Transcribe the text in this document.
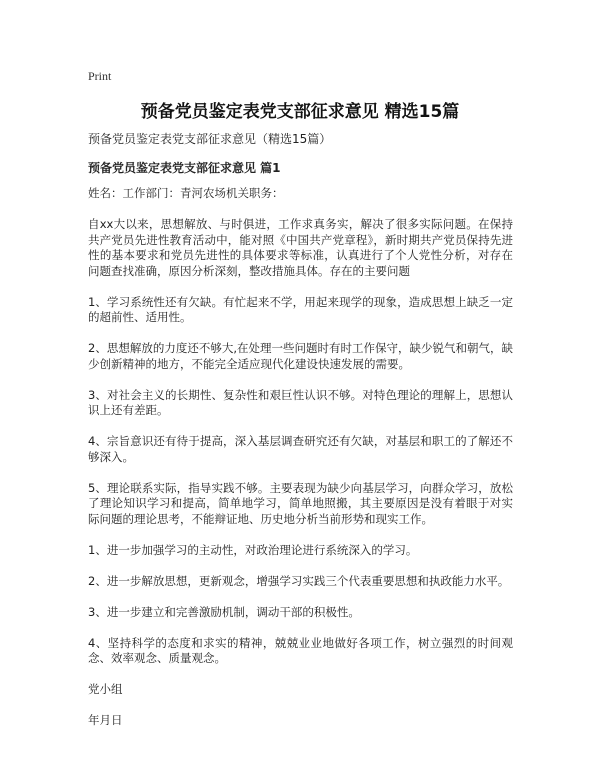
Print
预备党员鉴定表党支部征求意见 精选15篇
预备党员鉴定表党支部征求意见（精选15篇）
预备党员鉴定表党支部征求意见 篇1

姓名：工作部门：青河农场机关职务：

自xx大以来，思想解放、与时俱进，工作求真务实，解决了很多实际问题。在保持共产党员先进性教育活动中，能对照《中国共产党章程》，新时期共产党员保持先进性的基本要求和党员先进性的具体要求等标准，认真进行了个人党性分析，对存在问题查找准确，原因分析深刻，整改措施具体。存在的主要问题

1、学习系统性还有欠缺。有忙起来不学，用起来现学的现象，造成思想上缺乏一定的超前性、适用性。

2、思想解放的力度还不够大,在处理一些问题时有时工作保守，缺少锐气和朝气，缺少创新精神的地方，不能完全适应现代化建设快速发展的需要。

3、对社会主义的长期性、复杂性和艰巨性认识不够。对特色理论的理解上，思想认识上还有差距。

4、宗旨意识还有待于提高，深入基层调查研究还有欠缺，对基层和职工的了解还不够深入。

5、理论联系实际，指导实践不够。主要表现为缺少向基层学习，向群众学习，放松了理论知识学习和提高，简单地学习，简单地照搬，其主要原因是没有着眼于对实际问题的理论思考，不能辩证地、历史地分析当前形势和现实工作。

1、进一步加强学习的主动性，对政治理论进行系统深入的学习。

2、进一步解放思想，更新观念，增强学习实践三个代表重要思想和执政能力水平。

3、进一步建立和完善激励机制，调动干部的积极性。

4、坚持科学的态度和求实的精神，兢兢业业地做好各项工作，树立强烈的时间观念、效率观念、质量观念。

党小组

年月日
